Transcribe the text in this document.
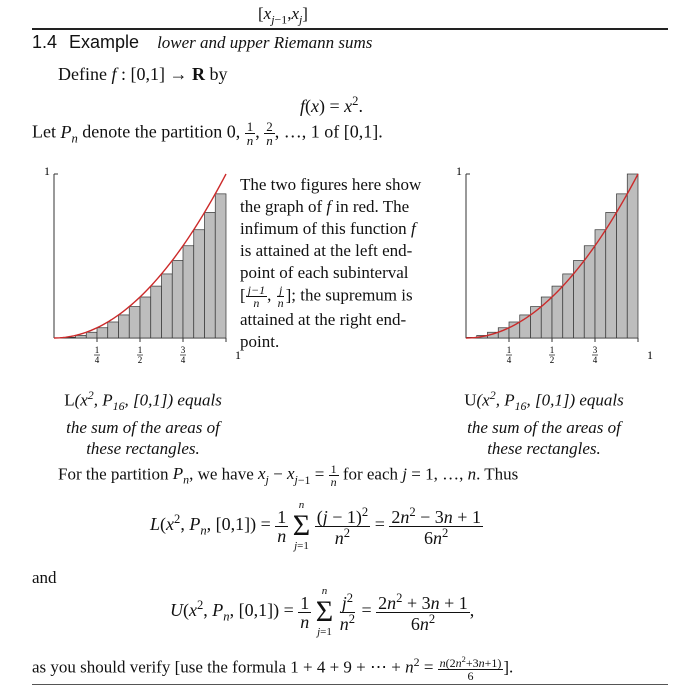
$[x_{j-1},x_j]$
1.4 Example lower and upper Riemann sums
Define f : [0,1] → R by
$f(x) = x^2$.
Let $P_n$ denote the partition 0, $\frac{1}{n}$ , $\frac{2}{n}$ , …, 1 of [0,1].
1
1
4
1
2
3
4	1
1
1
4
1
2
3
4	1
The two figures here show
the graph of f in red. The
infimum of this function f
is attained at the left end-
point of each subinterval
[ $\frac{j-1}{n}$ , $\frac{j}{n}$ ]; the supremum is
attained at the right end-
point.
$L(x^2$, $P_{16}$, [0,1]) equals
the sum of the areas of
these rectangles.
$U(x^2$, $P_{16}$, [0,1]) equals
the sum of the areas of
these rectangles.
For the partition $P_n$, we have $x_j - x_{j-1} = \frac{1}{n}$ for each j = 1, …, n. Thus
$L(x^2$, $P_n$, $[0,1]) = \frac{1}{n}$

n
Σ
j=1
$\frac{(j - 1)^2}{n^2} = \frac{2n^2 - 3n + 1}{6n^2}$
and
$U(x^2$, $P_n$, $[0,1]) = \frac{1}{n}$

n
Σ
j=1
$\frac{j^2}{n^2} = \frac{2n^2 + 3n + 1}{6n^2}$ ,
as you should verify [use the formula 1 + 4 + 9 + ⋯ + $n^2 = \frac{n(2n^2+3n+1)}{6}$ ].
